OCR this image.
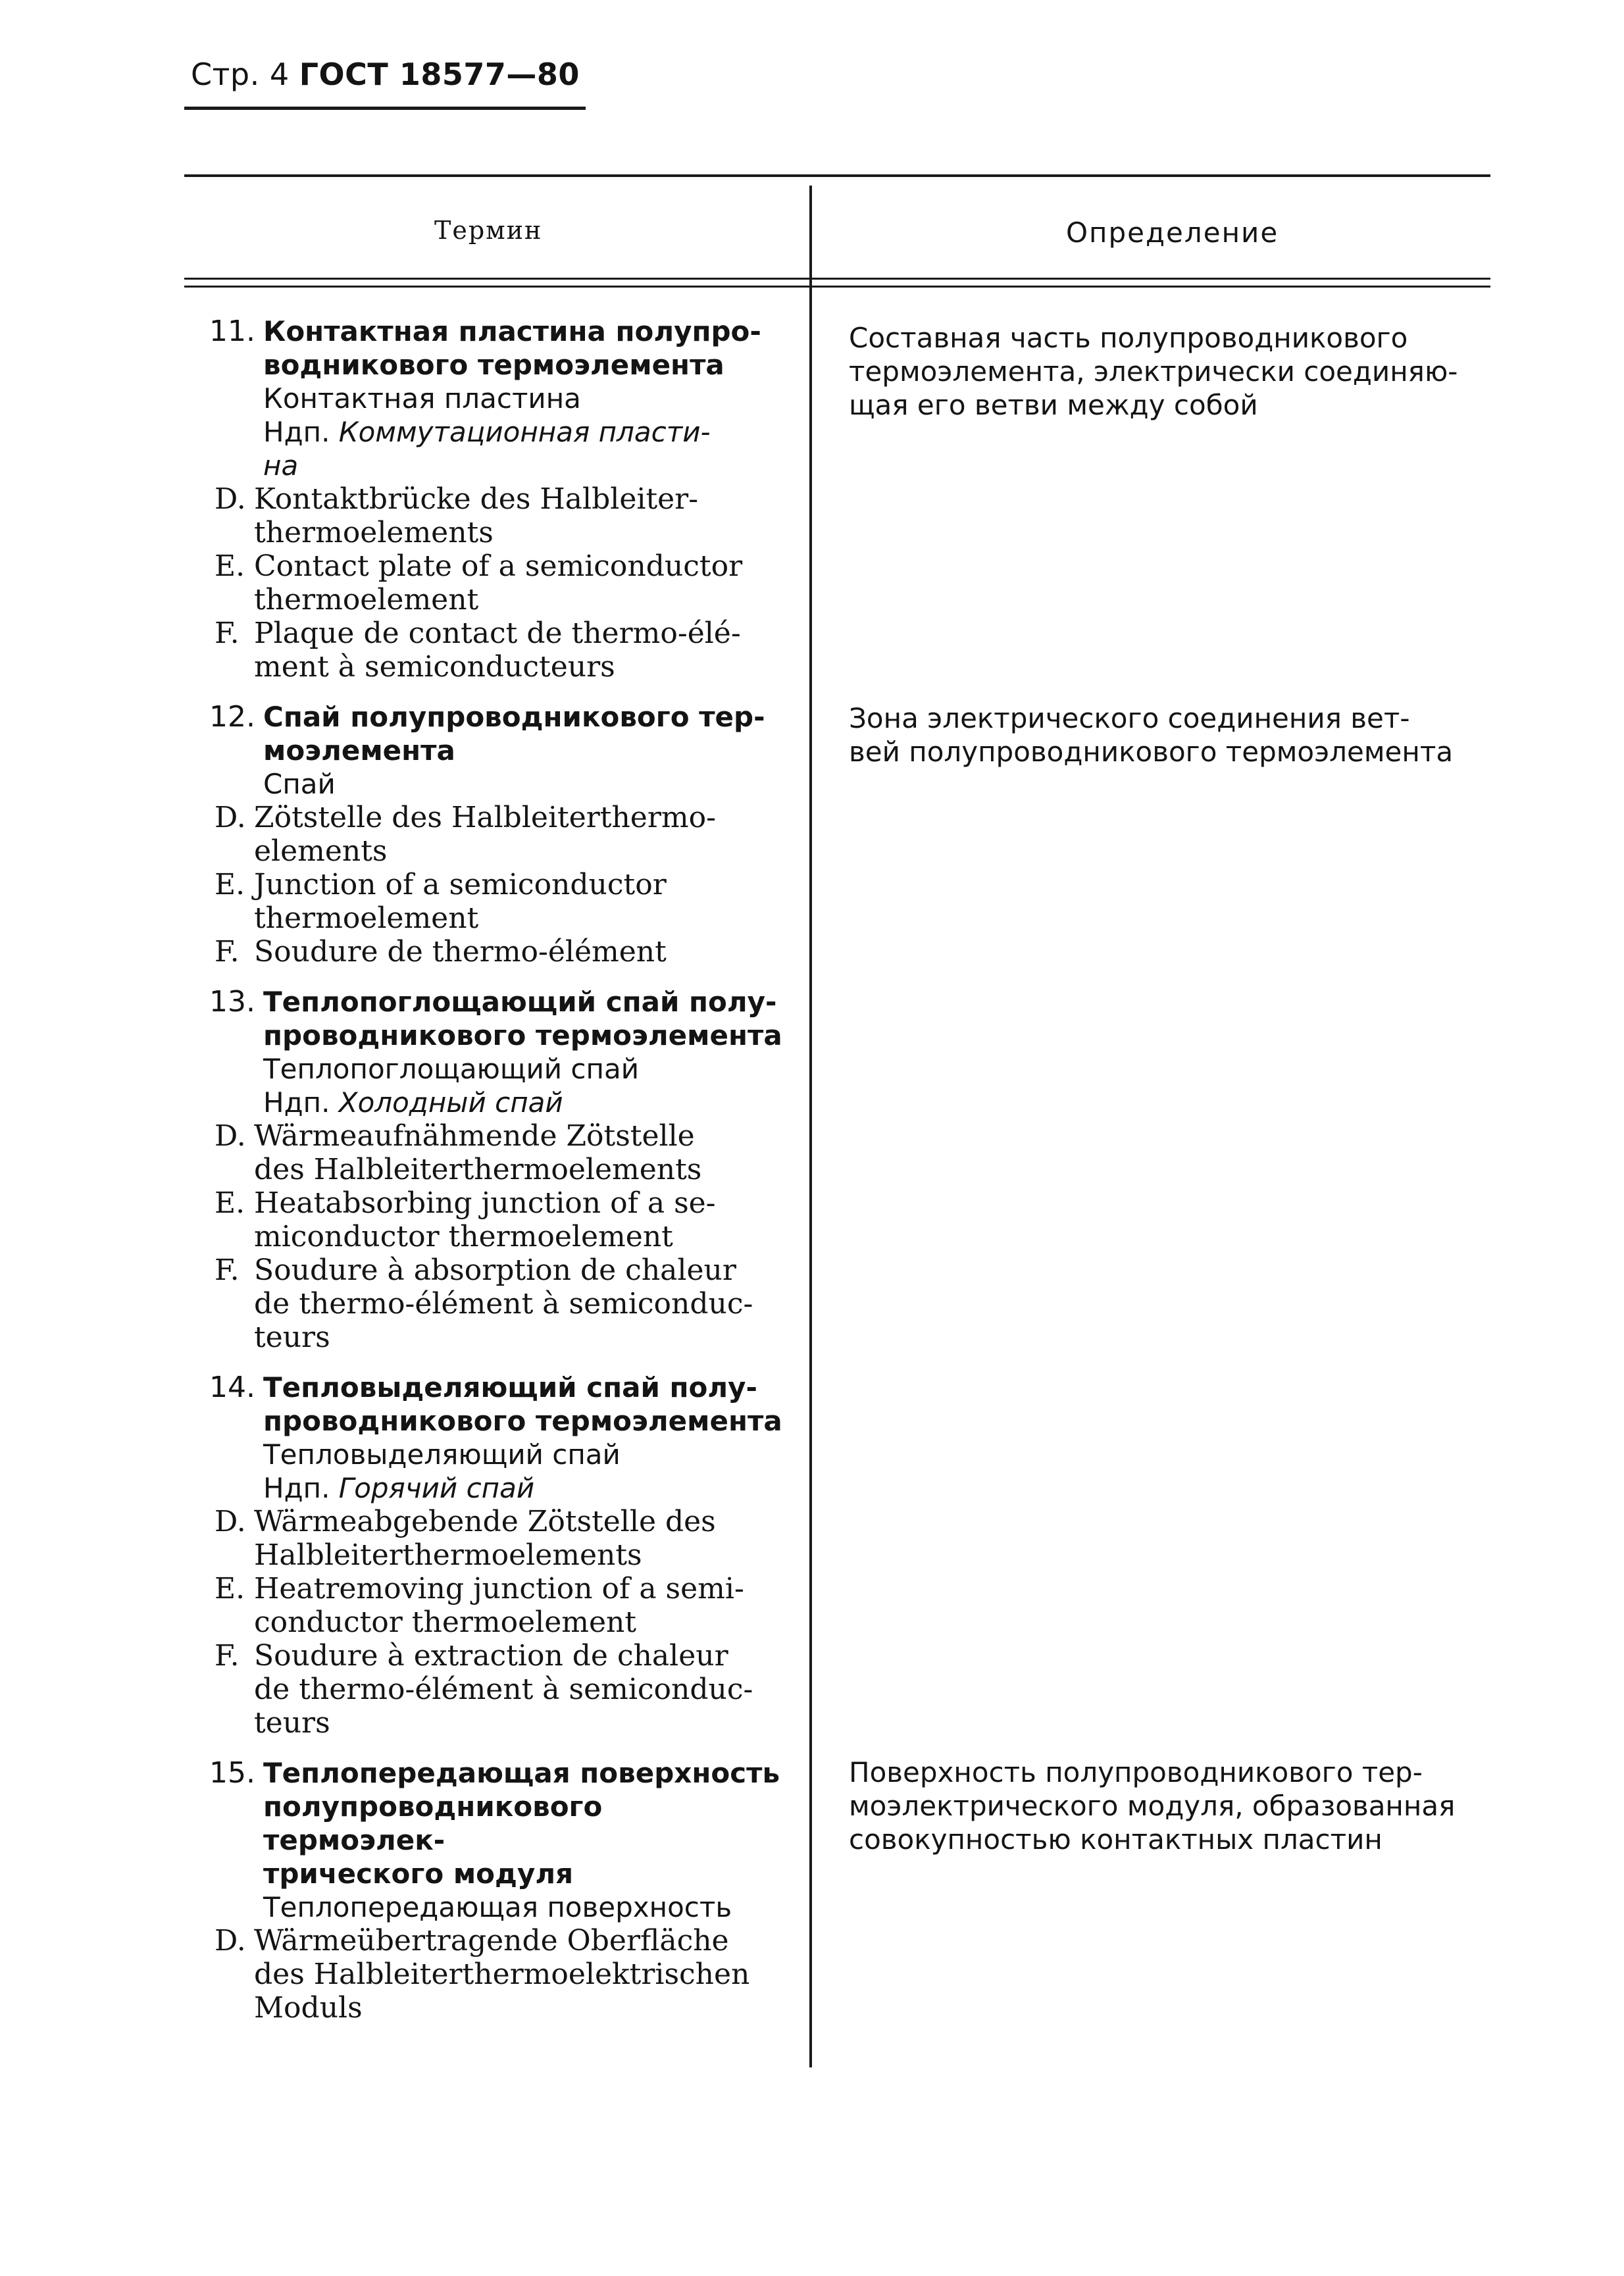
Стр. 4 ГОСТ 18577—80
Термин	Определение
11. Контактная пластина полупро-
водникового термоэлемента
Контактная пластина
Ндп. Коммутационная пласти-
на
D. Kontaktbrücke des Halbleiter-
thermoelements
E. Contact plate of a semiconductor
thermoelement
F. Plaque de contact de thermo-élé-
ment à semiconducteurs
12. Спай полупроводникового тер-
моэлемента
Спай
D. Zötstelle des Halbleiterthermo-
elements
E. Junction of a semiconductor
thermoelement
F. Soudure de thermo-élément
13. Теплопоглощающий спай полу-
проводникового термоэлемента
Теплопоглощающий спай
Ндп. Холодный спай
D. Wärmeaufnähmende Zötstelle
des Halbleiterthermoelements
E. Heatabsorbing junction of a se-
miconductor thermoelement
F. Soudure à absorption de chaleur
de thermo-élément à semiconduc-
teurs
14. Тепловыделяющий спай полу-
проводникового термоэлемента
Тепловыделяющий спай
Ндп. Горячий спай
D. Wärmeabgebende Zötstelle des
Halbleiterthermoelements
E. Heatremoving junction of a semi-
conductor thermoelement
F. Soudure à extraction de chaleur
de thermo-élément à semiconduc-
teurs
15. Теплопередающая поверхность
полупроводникового термоэлек-
трического модуля
Теплопередающая поверхность
D. Wärmeübertragende Oberfläche
des Halbleiterthermoelektrischen
Moduls
Составная часть полупроводникового
термоэлемента, электрически соединяю-
щая его ветви между собой
Зона электрического соединения вет-
вей полупроводникового термоэлемента
Поверхность полупроводникового тер-
моэлектрического модуля, образованная
совокупностью контактных пластин
